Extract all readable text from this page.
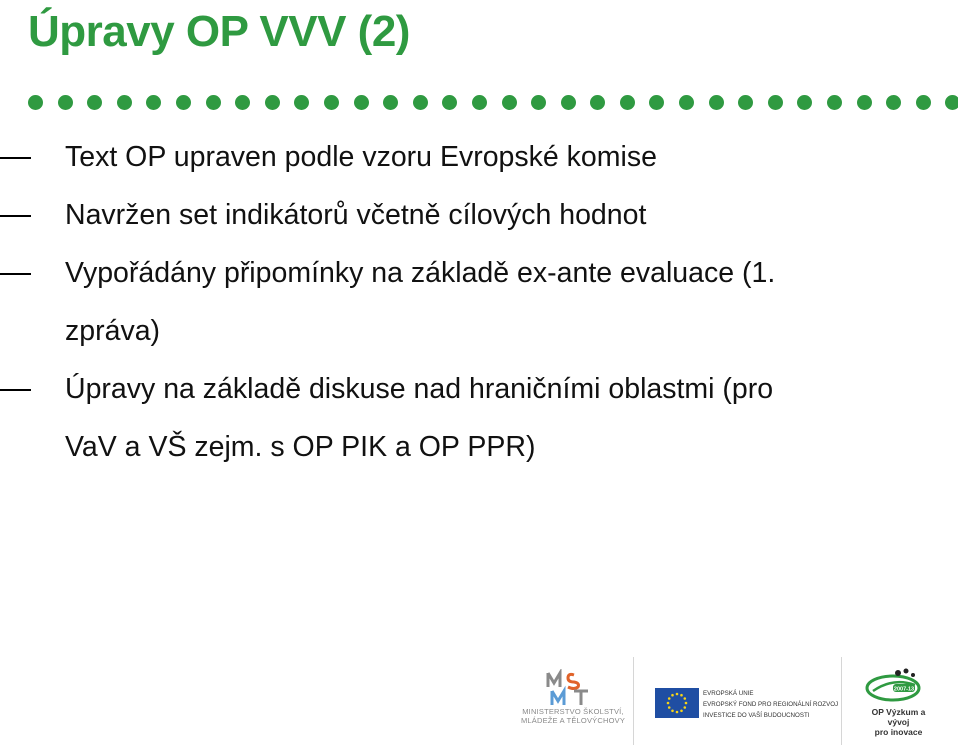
Úpravy OP VVV (2)
Text OP upraven podle vzoru Evropské komise
Navržen set indikátorů včetně cílových hodnot
Vypořádány připomínky na základě ex-ante evaluace (1.
zpráva)
Úpravy na základě diskuse nad hraničními oblastmi (pro
VaV a VŠ zejm. s OP PIK a OP PPR)
MINISTERSTVO ŠKOLSTVÍ,
MLÁDEŽE A TĚLOVÝCHOVY
EVROPSKÁ UNIE
EVROPSKÝ FOND PRO REGIONÁLNÍ ROZVOJ
INVESTICE DO VAŠÍ BUDOUCNOSTI
2007-13
OP Výzkum a vývoj
pro inovace
